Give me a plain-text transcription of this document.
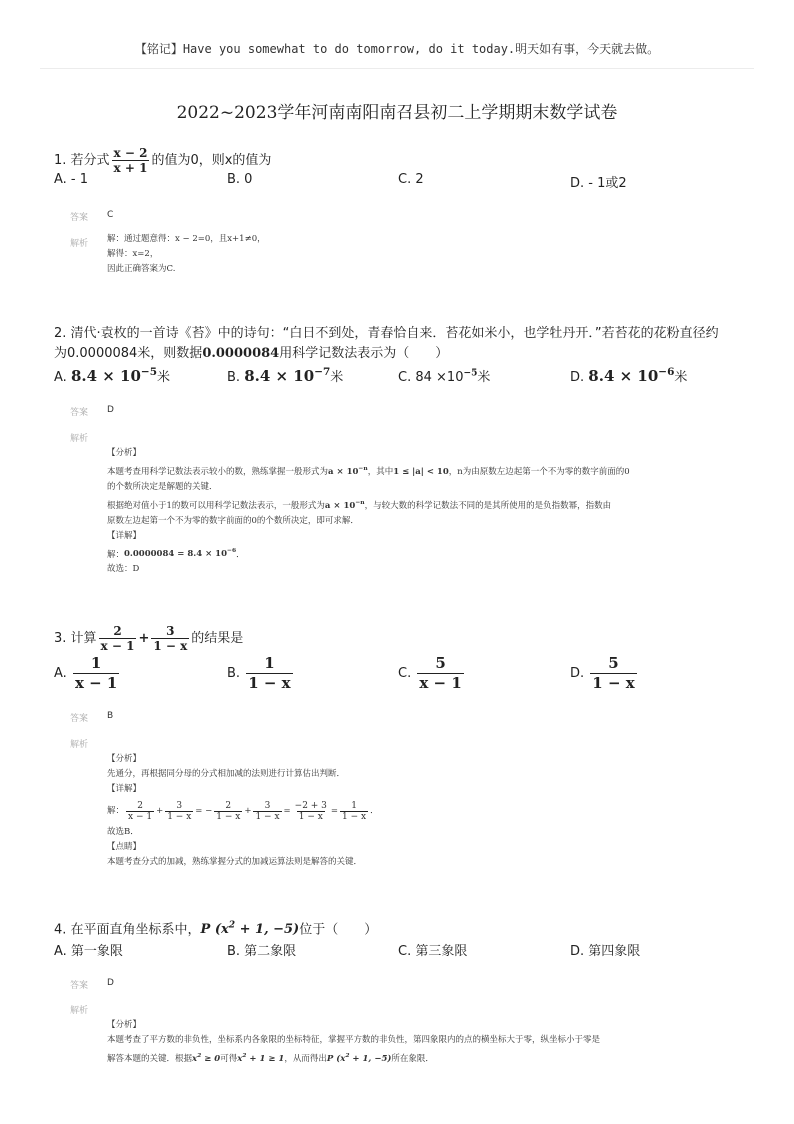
【铭记】Have you somewhat to do tomorrow, do it today.明天如有事，今天就去做。
2022~2023学年河南南阳南召县初二上学期期末数学试卷
1. 若分式 $\frac{x - 2}{x + 1}$ 的值为0，则x的值为
A. - 1	B. 0	C. 2	D. - 1或2
答案 C
解析 解：通过题意得：x − 2=0，且x+1≠0，
解得：x=2，
因此正确答案为C.
2. 清代·袁枚的一首诗《苔》中的诗句：“白日不到处，青春恰自来．苔花如米小，也学牡丹开．”若苔花的花粉直径约
为0.0000084米，则数据0.0000084用科学记数法表示为（　　）
A. $8.4 \times 10^{-5}$米	B. $8.4 \times 10^{-7}$米	C. $84 \times 10^{-5}$米	D. $8.4 \times 10^{-6}$米
答案 D
解析
【分析】
本题考查用科学记数法表示较小的数，熟练掌握一般形式为$a \times 10^{-n}$，其中1 ≤ |a| < 10，n为由原数左边起第一个不为零的数字前面的0
的个数所决定是解题的关键．
根据绝对值小于1的数可以用科学记数法表示，一般形式为$a \times 10^{-n}$，与较大数的科学记数法不同的是其所使用的是负指数幂，指数由
原数左边起第一个不为零的数字前面的0的个数所决定，即可求解．
【详解】
解：$0.0000084 = 8.4 \times 10^{-6}$．
故选：D
3. 计算 $\frac{2}{x - 1} + \frac{3}{1 - x}$ 的结果是
A. $\frac{1}{x - 1}$	B. $\frac{1}{1 - x}$	C. $\frac{5}{x - 1}$	D. $\frac{5}{1 - x}$
答案 B
解析
【分析】
先通分，再根据同分母的分式相加减的法则进行计算估出判断．
【详解】
解： $\frac{2}{x - 1} + \frac{3}{1 - x}$ = − $\frac{2}{1 - x} + \frac{3}{1 - x} = \frac{-2 + 3}{1 - x} = \frac{1}{1 - x}$ ．
故选B．
【点睛】
本题考查分式的加减，熟练掌握分式的加减运算法则是解答的关键．
4. 在平面直角坐标系中，P ($x^2 + 1$, −5)位于（　　）
A. 第一象限	B. 第二象限	C. 第三象限	D. 第四象限
答案 D
解析
【分析】
本题考查了平方数的非负性，坐标系内各象限的坐标特征，掌握平方数的非负性，第四象限内的点的横坐标大于零，纵坐标小于零是
解答本题的关键．根据$x^2 \ge 0$可得$x^2 + 1 \ge 1$，从而得出P ($x^2 + 1$, −5)所在象限．
